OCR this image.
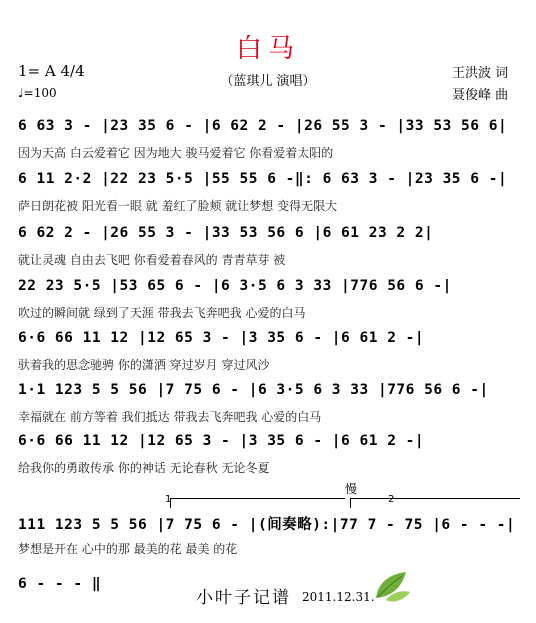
白马
（蓝琪儿 演唱）
王洪波 词
聂俊峰 曲
1= A 4/4
♩=100
6 63 3 - |23 35 6 - |6 62 2 - |26 55 3 - |33 53 56 6|
因为天高 白云爱着它 因为地大 骏马爱着它 你看爱着太阳的
6 11 2·2 |22 23 5·5 |55 55 6 -‖: 6 63 3 - |23 35 6 -|
萨日朗花被 阳光看一眼 就 羞红了脸颊 就让梦想 变得无限大
6 62 2 - |26 55 3 - |33 53 56 6 |6 61 23 2 2|
就让灵魂 自由去飞吧 你看爱着春风的 青青草芽 被
22 23 5·5 |53 65 6 - |6 3·5 6 3 33 |776 56 6 -|
吹过的瞬间就 绿到了天涯 带我去飞奔吧我 心爱的白马
6·6 66 11 12 |12 65 3 - |3 35 6 - |6 61 2 -|
驮着我的思念驰骋 你的潇洒 穿过岁月 穿过风沙
1·1 123 5 5 56 |7 75 6 - |6 3·5 6 3 33 |776 56 6 -|
幸福就在 前方等着 我们抵达 带我去飞奔吧我 心爱的白马
6·6 66 11 12 |12 65 3 - |3 35 6 - |6 61 2 -|
给我你的勇敢传承 你的神话 无论春秋 无论冬夏
慢
1	2
111 123 5 5 56 |7 75 6 - |(间奏略):|77 7 - 75 |6 - - -|
梦想是开在 心中的那 最美的花 最美 的花
6 - - - ‖
小叶子记谱 2011.12.31.
